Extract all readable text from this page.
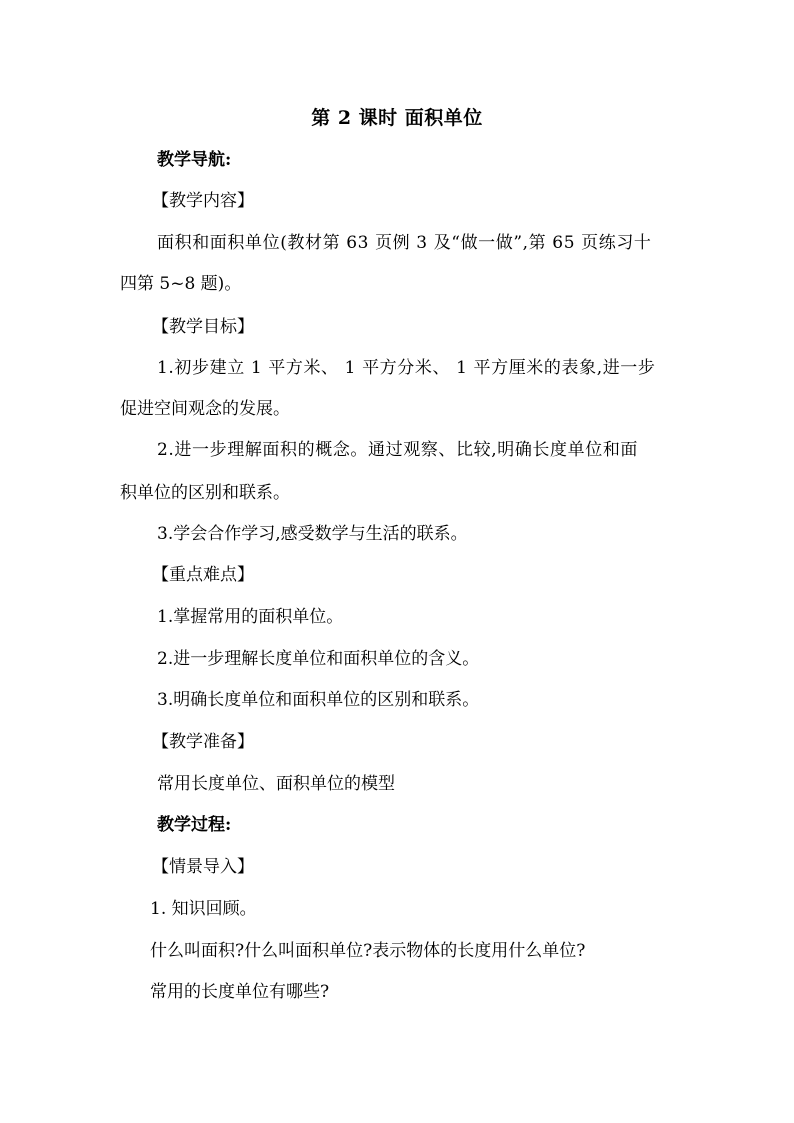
第 2 课时 面积单位

教学导航:

【教学内容】

面积和面积单位(教材第 63 页例 3 及“做一做”,第 65 页练习十

四第 5~8 题)。

【教学目标】

1.初步建立 1 平方米、 1 平方分米、 1 平方厘米的表象,进一步

促进空间观念的发展。

2.进一步理解面积的概念。通过观察、比较,明确长度单位和面

积单位的区别和联系。

3.学会合作学习,感受数学与生活的联系。

【重点难点】

1.掌握常用的面积单位。

2.进一步理解长度单位和面积单位的含义。

3.明确长度单位和面积单位的区别和联系。

【教学准备】

常用长度单位、面积单位的模型

教学过程:

【情景导入】

1. 知识回顾。

什么叫面积?什么叫面积单位?表示物体的长度用什么单位?

常用的长度单位有哪些?
